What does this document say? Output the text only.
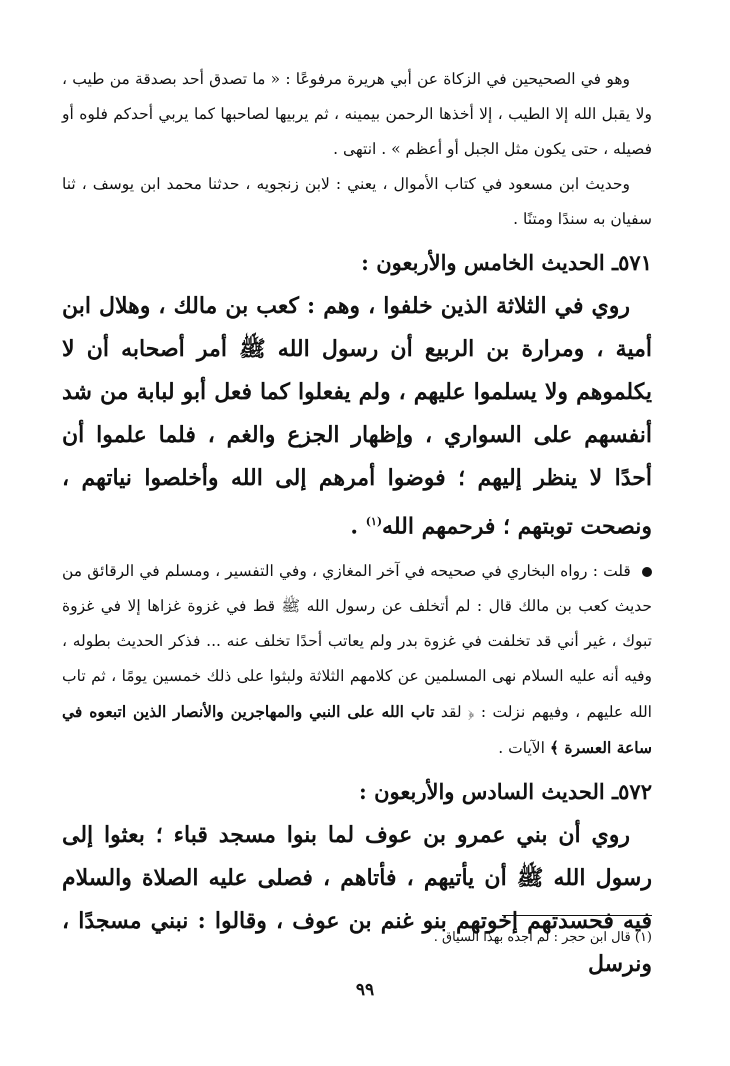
وهو في الصحيحين في الزكاة عن أبي هريرة مرفوعًا : « ما تصدق أحد بصدقة من طيب ، ولا يقبل الله إلا الطيب ، إلا أخذها الرحمن بيمينه ، ثم يربيها لصاحبها كما يربي أحدكم فلوه أو فصيله ، حتى يكون مثل الجبل أو أعظم » . انتهى .

وحديث ابن مسعود في كتاب الأموال ، يعني : لابن زنجويه ، حدثنا محمد ابن يوسف ، ثنا سفيان به سندًا ومتنًا .

٥٧١ـ الحديث الخامس والأربعون :

روي في الثلاثة الذين خلفوا ، وهم : كعب بن مالك ، وهلال ابن أمية ، ومرارة بن الربيع أن رسول الله ﷺ أمر أصحابه أن لا يكلموهم ولا يسلموا عليهم ، ولم يفعلوا كما فعل أبو لبابة من شد أنفسهم على السواري ، وإظهار الجزع والغم ، فلما علموا أن أحدًا لا ينظر إليهم ؛ فوضوا أمرهم إلى الله وأخلصوا نياتهم ، ونصحت توبتهم ؛ فرحمهم الله$^{(١)}$ .

قلت : رواه البخاري في صحيحه في آخر المغازي ، وفي التفسير ، ومسلم في الرقائق من حديث كعب بن مالك قال : لم أتخلف عن رسول الله ﷺ قط في غزوة غزاها إلا في غزوة تبوك ، غير أني قد تخلفت في غزوة بدر ولم يعاتب أحدًا تخلف عنه ... فذكر الحديث بطوله ، وفيه أنه عليه السلام نهى المسلمين عن كلامهم الثلاثة ولبثوا على ذلك خمسين يومًا ، ثم تاب الله عليهم ، وفيهم نزلت : ﴿ لقد تاب الله على النبي والمهاجرين والأنصار الذين اتبعوه في ساعة العسرة ﴾ الآيات .

٥٧٢ـ الحديث السادس والأربعون :

روي أن بني عمرو بن عوف لما بنوا مسجد قباء ؛ بعثوا إلى رسول الله ﷺ أن يأتيهم ، فأتاهم ، فصلى عليه الصلاة والسلام فيه فحسدتهم إخوتهم بنو غنم بن عوف ، وقالوا : نبني مسجدًا ، ونرسل

(١) قال ابن حجر : لم أجده بهذا السياق .
٩٩
